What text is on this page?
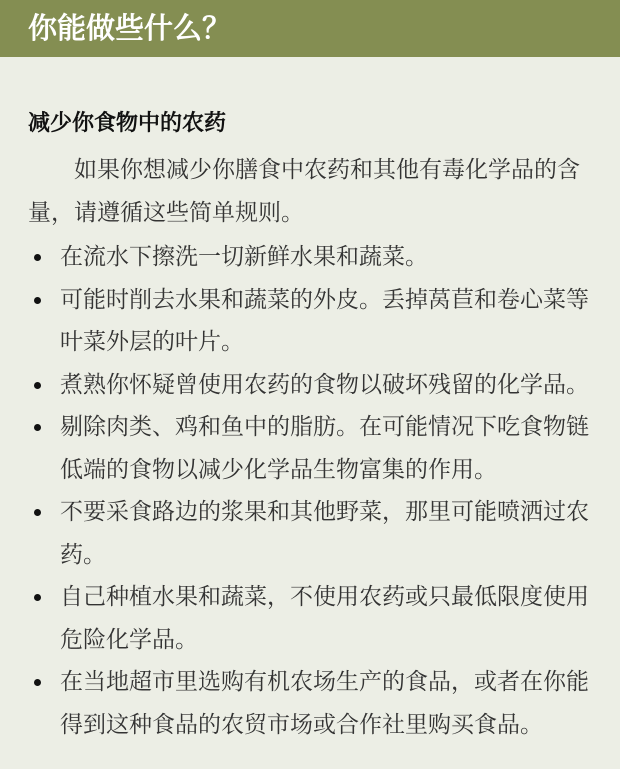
你能做些什么？
减少你食物中的农药

如果你想减少你膳食中农药和其他有毒化学品的含量，请遵循这些简单规则。

在流水下擦洗一切新鲜水果和蔬菜。
可能时削去水果和蔬菜的外皮。丢掉莴苣和卷心菜等叶菜外层的叶片。
煮熟你怀疑曾使用农药的食物以破坏残留的化学品。
剔除肉类、鸡和鱼中的脂肪。在可能情况下吃食物链低端的食物以减少化学品生物富集的作用。
不要采食路边的浆果和其他野菜，那里可能喷洒过农药。
自己种植水果和蔬菜，不使用农药或只最低限度使用危险化学品。
在当地超市里选购有机农场生产的食品，或者在你能得到这种食品的农贸市场或合作社里购买食品。
